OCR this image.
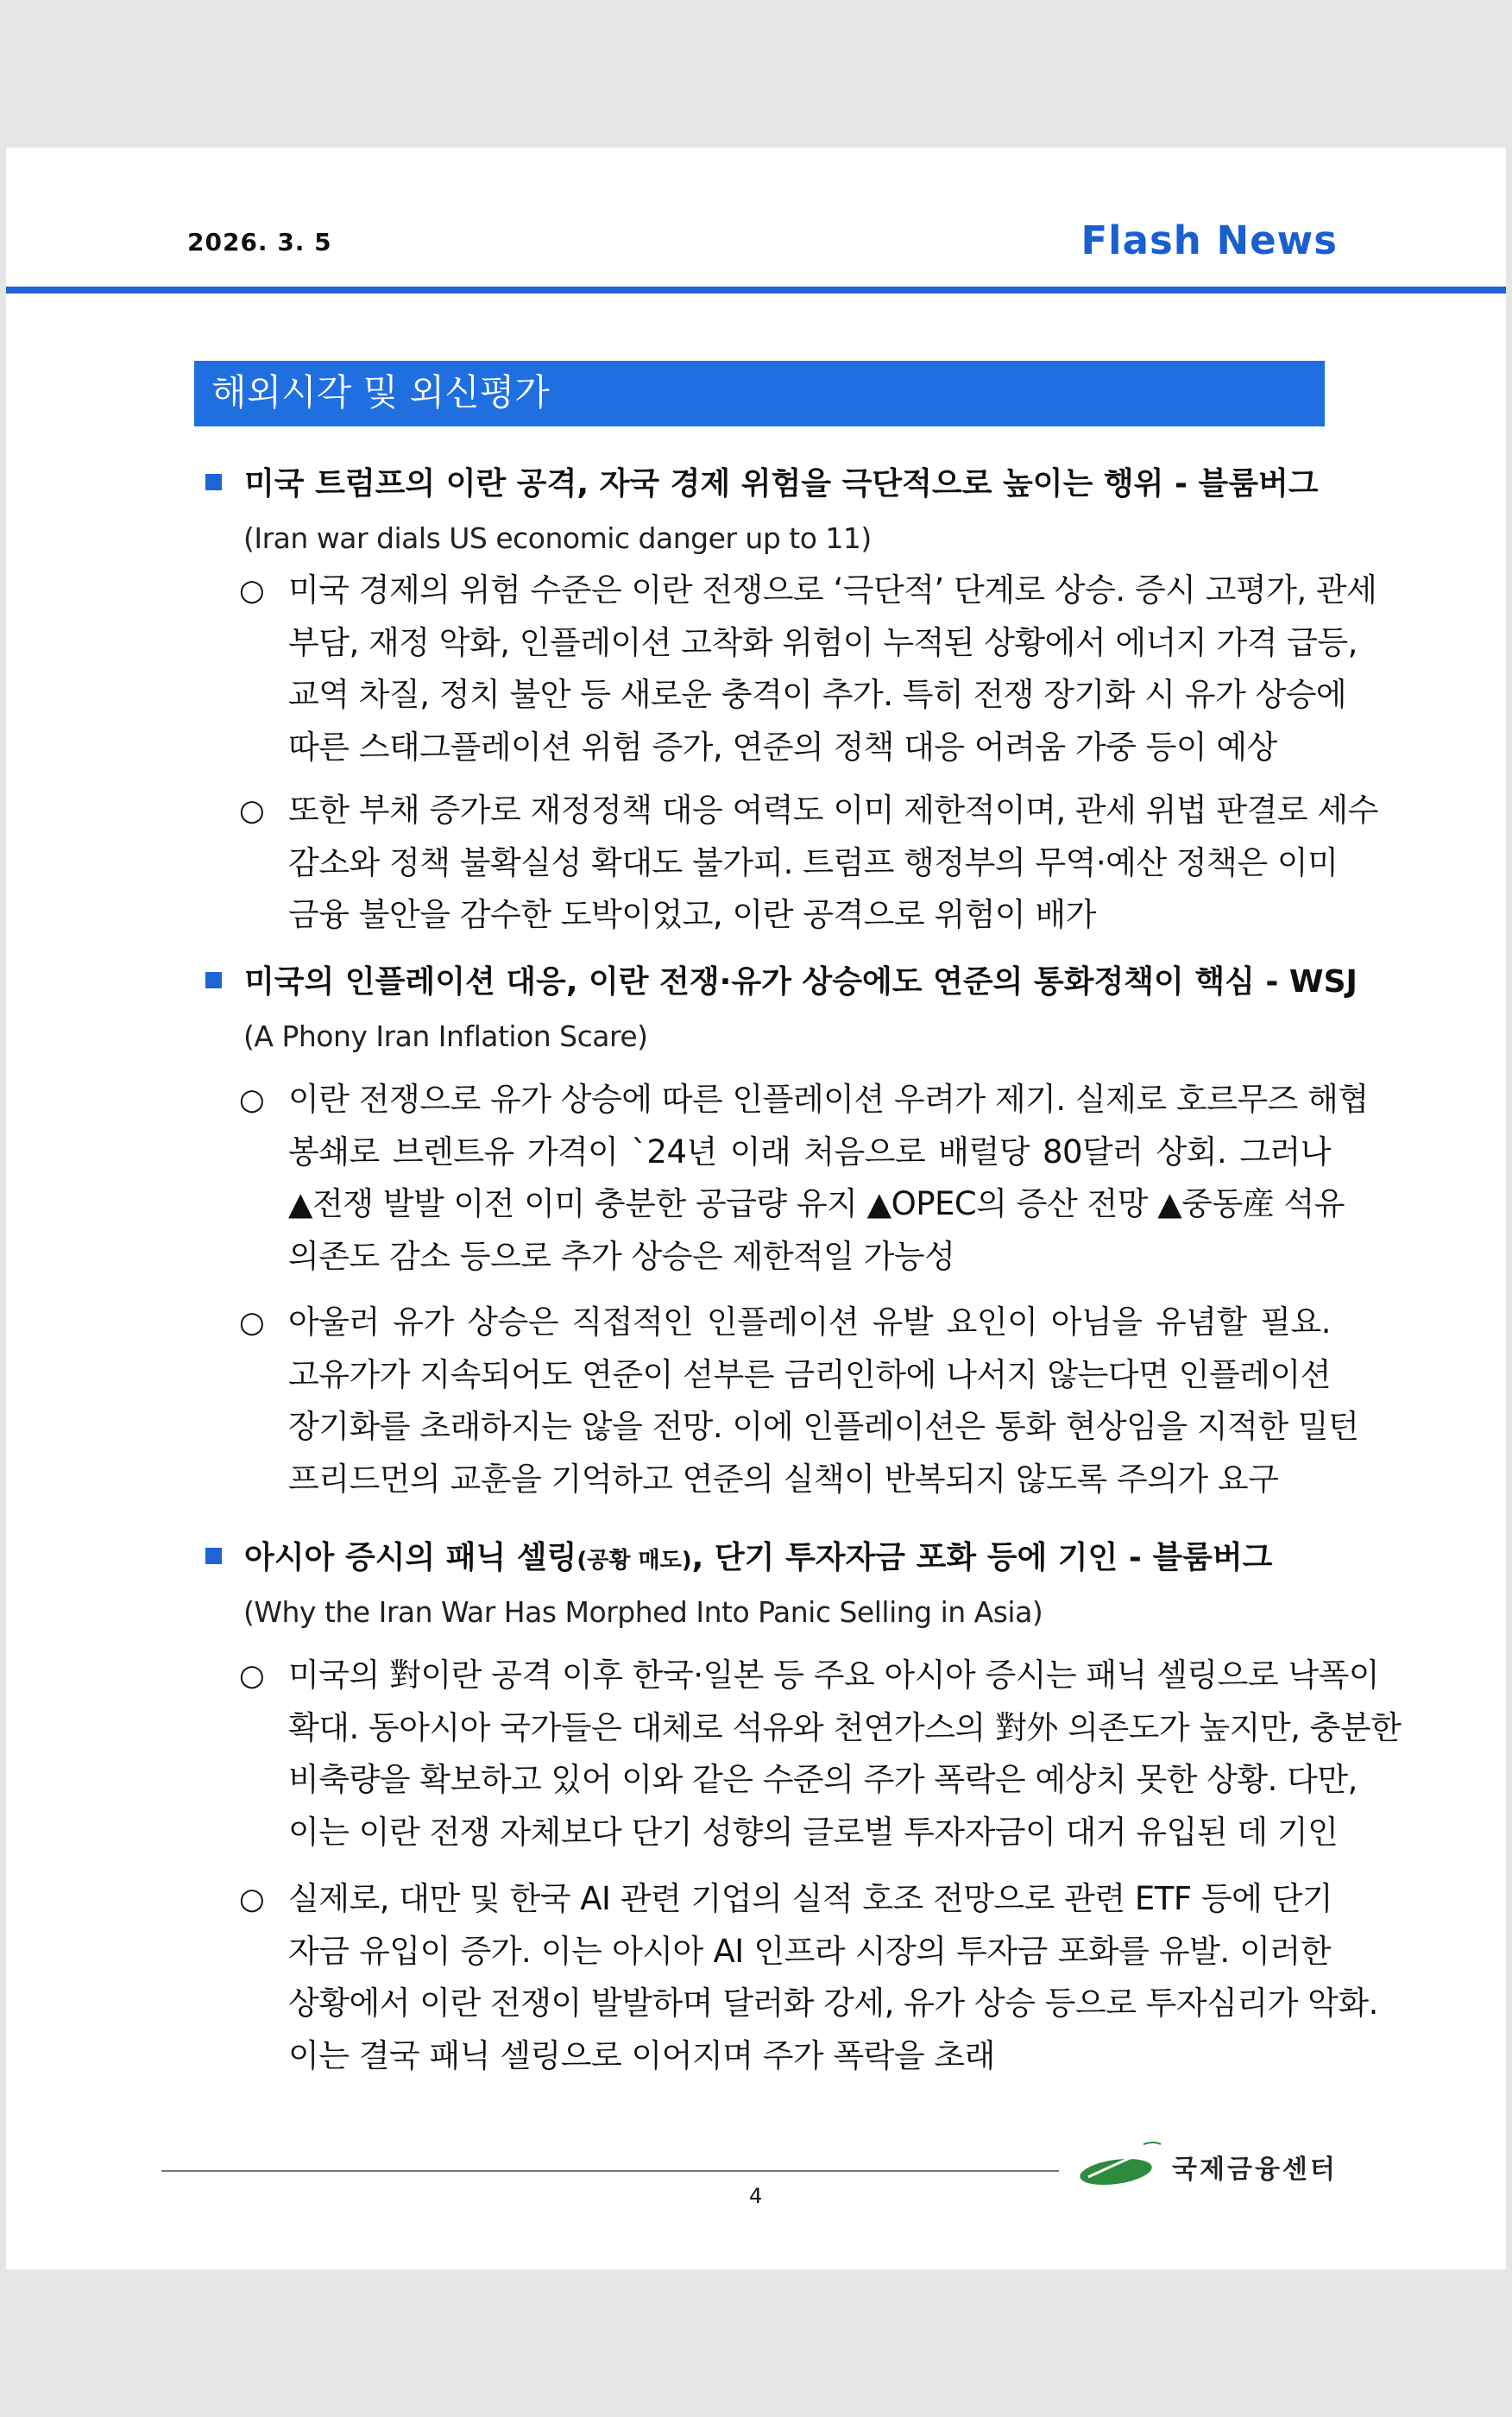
2026. 3. 5	Flash News
해외시각 및 외신평가
미국 트럼프의 이란 공격, 자국 경제 위험을 극단적으로 높이는 행위 - 블룸버그
(Iran war dials US economic danger up to 11)
○ 미국 경제의 위험 수준은 이란 전쟁으로 ‘극단적’ 단계로 상승. 증시 고평가, 관세
부담, 재정 악화, 인플레이션 고착화 위험이 누적된 상황에서 에너지 가격 급등,
교역 차질, 정치 불안 등 새로운 충격이 추가. 특히 전쟁 장기화 시 유가 상승에
따른 스태그플레이션 위험 증가, 연준의 정책 대응 어려움 가중 등이 예상
○ 또한 부채 증가로 재정정책 대응 여력도 이미 제한적이며, 관세 위법 판결로 세수
감소와 정책 불확실성 확대도 불가피. 트럼프 행정부의 무역·예산 정책은 이미
금융 불안을 감수한 도박이었고, 이란 공격으로 위험이 배가
미국의 인플레이션 대응, 이란 전쟁·유가 상승에도 연준의 통화정책이 핵심 - WSJ
(A Phony Iran Inflation Scare)
○ 이란 전쟁으로 유가 상승에 따른 인플레이션 우려가 제기. 실제로 호르무즈 해협
봉쇄로 브렌트유 가격이 `24년 이래 처음으로 배럴당 80달러 상회. 그러나
▲전쟁 발발 이전 이미 충분한 공급량 유지 ▲OPEC의 증산 전망 ▲중동産 석유
의존도 감소 등으로 추가 상승은 제한적일 가능성
○ 아울러 유가 상승은 직접적인 인플레이션 유발 요인이 아님을 유념할 필요.
고유가가 지속되어도 연준이 섣부른 금리인하에 나서지 않는다면 인플레이션
장기화를 초래하지는 않을 전망. 이에 인플레이션은 통화 현상임을 지적한 밀턴
프리드먼의 교훈을 기억하고 연준의 실책이 반복되지 않도록 주의가 요구
아시아 증시의 패닉 셀링(공황 매도), 단기 투자자금 포화 등에 기인 - 블룸버그
(Why the Iran War Has Morphed Into Panic Selling in Asia)
○ 미국의 對이란 공격 이후 한국·일본 등 주요 아시아 증시는 패닉 셀링으로 낙폭이
확대. 동아시아 국가들은 대체로 석유와 천연가스의 對外 의존도가 높지만, 충분한
비축량을 확보하고 있어 이와 같은 수준의 주가 폭락은 예상치 못한 상황. 다만,
이는 이란 전쟁 자체보다 단기 성향의 글로벌 투자자금이 대거 유입된 데 기인
○ 실제로, 대만 및 한국 AI 관련 기업의 실적 호조 전망으로 관련 ETF 등에 단기
자금 유입이 증가. 이는 아시아 AI 인프라 시장의 투자금 포화를 유발. 이러한
상황에서 이란 전쟁이 발발하며 달러화 강세, 유가 상승 등으로 투자심리가 악화.
이는 결국 패닉 셀링으로 이어지며 주가 폭락을 초래
국제금융센터
4
